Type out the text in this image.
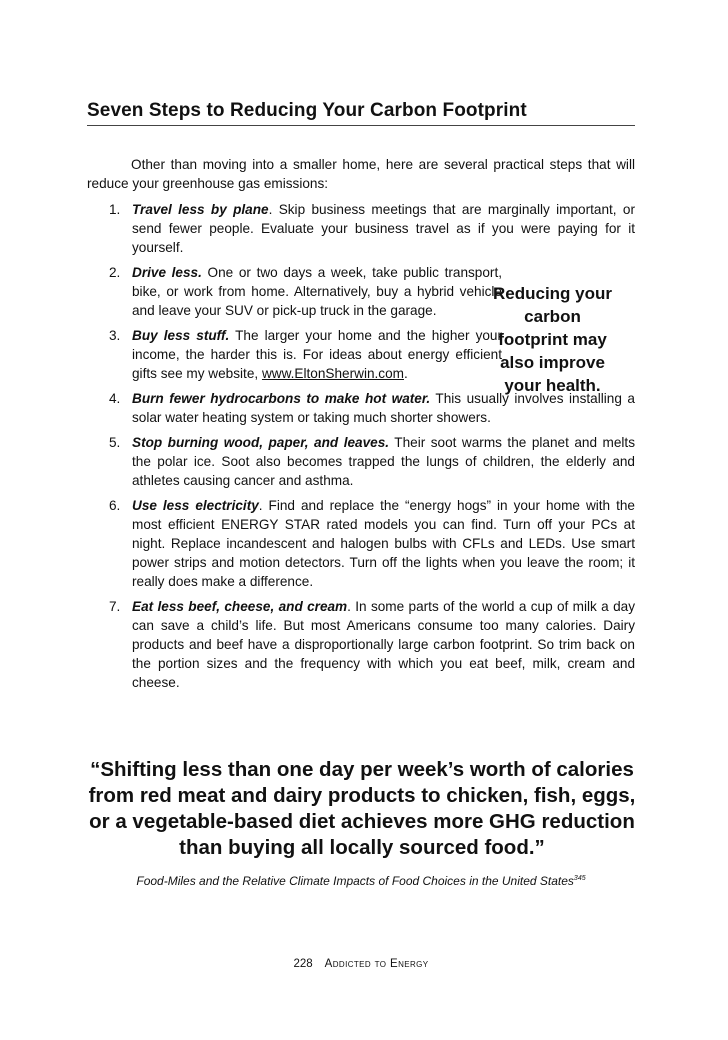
Seven Steps to Reducing Your Carbon Footprint
Other than moving into a smaller home, here are several practical steps that will reduce your greenhouse gas emissions:
1. Travel less by plane. Skip business meetings that are marginally important, or send fewer people. Evaluate your business travel as if you were paying for it yourself.
2. Drive less. One or two days a week, take public transport, bike, or work from home. Alternatively, buy a hybrid vehicle and leave your SUV or pick-up truck in the garage.
3. Buy less stuff. The larger your home and the higher your income, the harder this is. For ideas about energy efficient gifts see my website, www.EltonSherwin.com.
4. Burn fewer hydrocarbons to make hot water. This usually involves installing a solar water heating system or taking much shorter showers.
5. Stop burning wood, paper, and leaves. Their soot warms the planet and melts the polar ice. Soot also becomes trapped the lungs of children, the elderly and athletes causing cancer and asthma.
6. Use less electricity. Find and replace the “energy hogs” in your home with the most efficient ENERGY STAR rated models you can find. Turn off your PCs at night. Replace incandescent and halogen bulbs with CFLs and LEDs. Use smart power strips and motion detectors. Turn off the lights when you leave the room; it really does make a difference.
7. Eat less beef, cheese, and cream. In some parts of the world a cup of milk a day can save a child’s life. But most Americans consume too many calories. Dairy products and beef have a disproportionally large carbon footprint. So trim back on the portion sizes and the frequency with which you eat beef, milk, cream and cheese.
Reducing your
carbon
footprint may
also improve
your health.
“Shifting less than one day per week’s worth of calories
from red meat and dairy products to chicken, fish, eggs,
or a vegetable-based diet achieves more GHG reduction
than buying all locally sourced food.”
Food-Miles and the Relative Climate Impacts of Food Choices in the United States$^{345}$
228 Addicted to Energy
